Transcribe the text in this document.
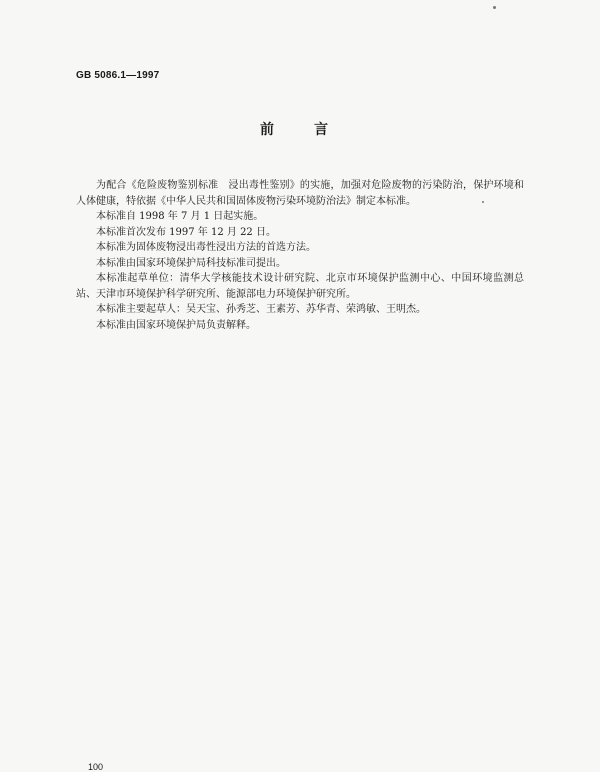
GB 5086.1—1997
前言

为配合《危险废物鉴别标准　浸出毒性鉴别》的实施，加强对危险废物的污染防治，保护环境和人体健康，特依据《中华人民共和国固体废物污染环境防治法》制定本标准。

本标准自 1998 年 7 月 1 日起实施。

本标准首次发布 1997 年 12 月 22 日。

本标准为固体废物浸出毒性浸出方法的首选方法。

本标准由国家环境保护局科技标准司提出。

本标准起草单位：清华大学核能技术设计研究院、北京市环境保护监测中心、中国环境监测总站、天津市环境保护科学研究所、能源部电力环境保护研究所。

本标准主要起草人：吴天宝、孙秀芝、王素芳、苏华青、荣鸿敏、王明杰。

本标准由国家环境保护局负责解释。

100
